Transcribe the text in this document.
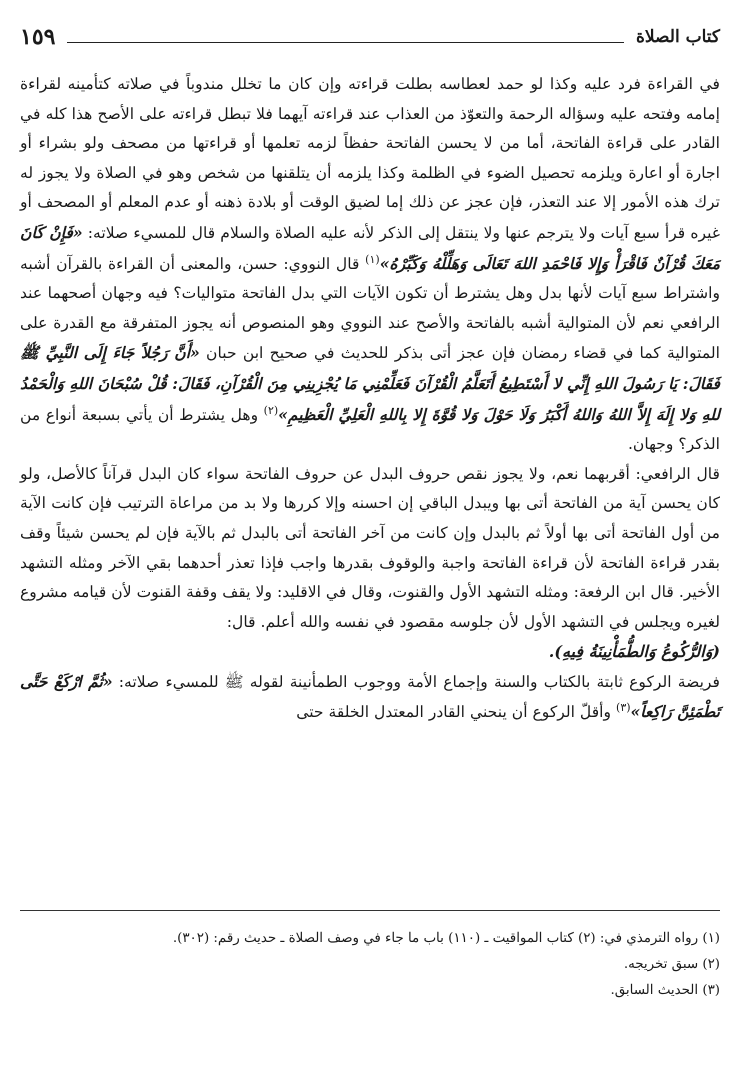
كتاب الصلاة
١٥٩

في القراءة فرد عليه وكذا لو حمد لعطاسه بطلت قراءته وإن كان ما تخلل مندوباً في صلاته كتأمينه لقراءة إمامه وفتحه عليه وسؤاله الرحمة والتعوّذ من العذاب عند قراءته آيهما فلا تبطل قراءته على الأصح هذا كله في القادر على قراءة الفاتحة، أما من لا يحسن الفاتحة حفظاً لزمه تعلمها أو قراءتها من مصحف ولو بشراء أو اجارة أو اعارة ويلزمه تحصيل الضوء في الظلمة وكذا يلزمه أن يتلقنها من شخص وهو في الصلاة ولا يجوز له ترك هذه الأمور إلا عند التعذر، فإن عجز عن ذلك إما لضيق الوقت أو بلادة ذهنه أو عدم المعلم أو المصحف أو غيره قرأ سبع آيات ولا يترجم عنها ولا ينتقل إلى الذكر لأنه عليه الصلاة والسلام قال للمسيء صلاته: «فَإِنْ كَانَ مَعَكَ قُرْآنٌ فَاقْرَأْ وَإِلا فَاحْمَدِ اللهَ تَعَالَى وَهَلِّلْهُ وَكَبِّرْهُ»$^{(١)}$ قال النووي: حسن، والمعنى أن القراءة بالقرآن أشبه واشتراط سبع آيات لأنها بدل وهل يشترط أن تكون الآيات التي بدل الفاتحة متواليات؟ فيه وجهان أصحهما عند الرافعي نعم لأن المتوالية أشبه بالفاتحة والأصح عند النووي وهو المنصوص أنه يجوز المتفرقة مع القدرة على المتوالية كما في قضاء رمضان فإن عجز أتى بذكر للحديث في صحيح ابن حبان «أَنَّ رَجُلاً جَاءَ إِلَى النَّبِيِّ ﷺ فَقَالَ: يَا رَسُولَ اللهِ إِنِّي لا أَسْتَطِيعُ أَتَعَلَّمُ الْقُرْآنَ فَعَلِّمْنِي مَا يُجْزِينِي مِنَ الْقُرْآنِ، فَقَالَ: قُلْ سُبْحَانَ اللهِ وَالْحَمْدُ للهِ وَلا إِلَهَ إِلاَّ اللهُ وَاللهُ أَكْبَرُ وَلَا حَوْلَ وَلا قُوَّةَ إِلا بِاللهِ الْعَلِيِّ الْعَظِيمِ»$^{(٢)}$ وهل يشترط أن يأتي بسبعة أنواع من الذكر؟ وجهان.

قال الرافعي: أقربهما نعم، ولا يجوز نقص حروف البدل عن حروف الفاتحة سواء كان البدل قرآناً كالأصل، ولو كان يحسن آية من الفاتحة أتى بها ويبدل الباقي إن احسنه وإلا كررها ولا بد من مراعاة الترتيب فإن كانت الآية من أول الفاتحة أتى بها أولاً ثم بالبدل وإن كانت من آخر الفاتحة أتى بالبدل ثم بالآية فإن لم يحسن شيئاً وقف بقدر قراءة الفاتحة لأن قراءة الفاتحة واجبة والوقوف بقدرها واجب فإذا تعذر أحدهما بقي الآخر ومثله التشهد الأخير. قال ابن الرفعة: ومثله التشهد الأول والقنوت، وقال في الاقليد: ولا يقف وقفة القنوت لأن قيامه مشروع لغيره ويجلس في التشهد الأول لأن جلوسه مقصود في نفسه والله أعلم. قال:

(وَالرُّكُوعُ وَالطُّمَأْنِينَةُ فِيهِ).

فريضة الركوع ثابتة بالكتاب والسنة وإجماع الأمة ووجوب الطمأنينة لقوله ﷺ للمسيء صلاته: «ثُمَّ ارْكَعْ حَتَّى تَطْمَئِنَّ رَاكِعاً»$^{(٣)}$ وأقلّ الركوع أن ينحني القادر المعتدل الخلقة حتى

(١) رواه الترمذي في: (٢) كتاب المواقيت ـ (١١٠) باب ما جاء في وصف الصلاة ـ حديث رقم: (٣٠٢).

(٢) سبق تخريجه.

(٣) الحديث السابق.
